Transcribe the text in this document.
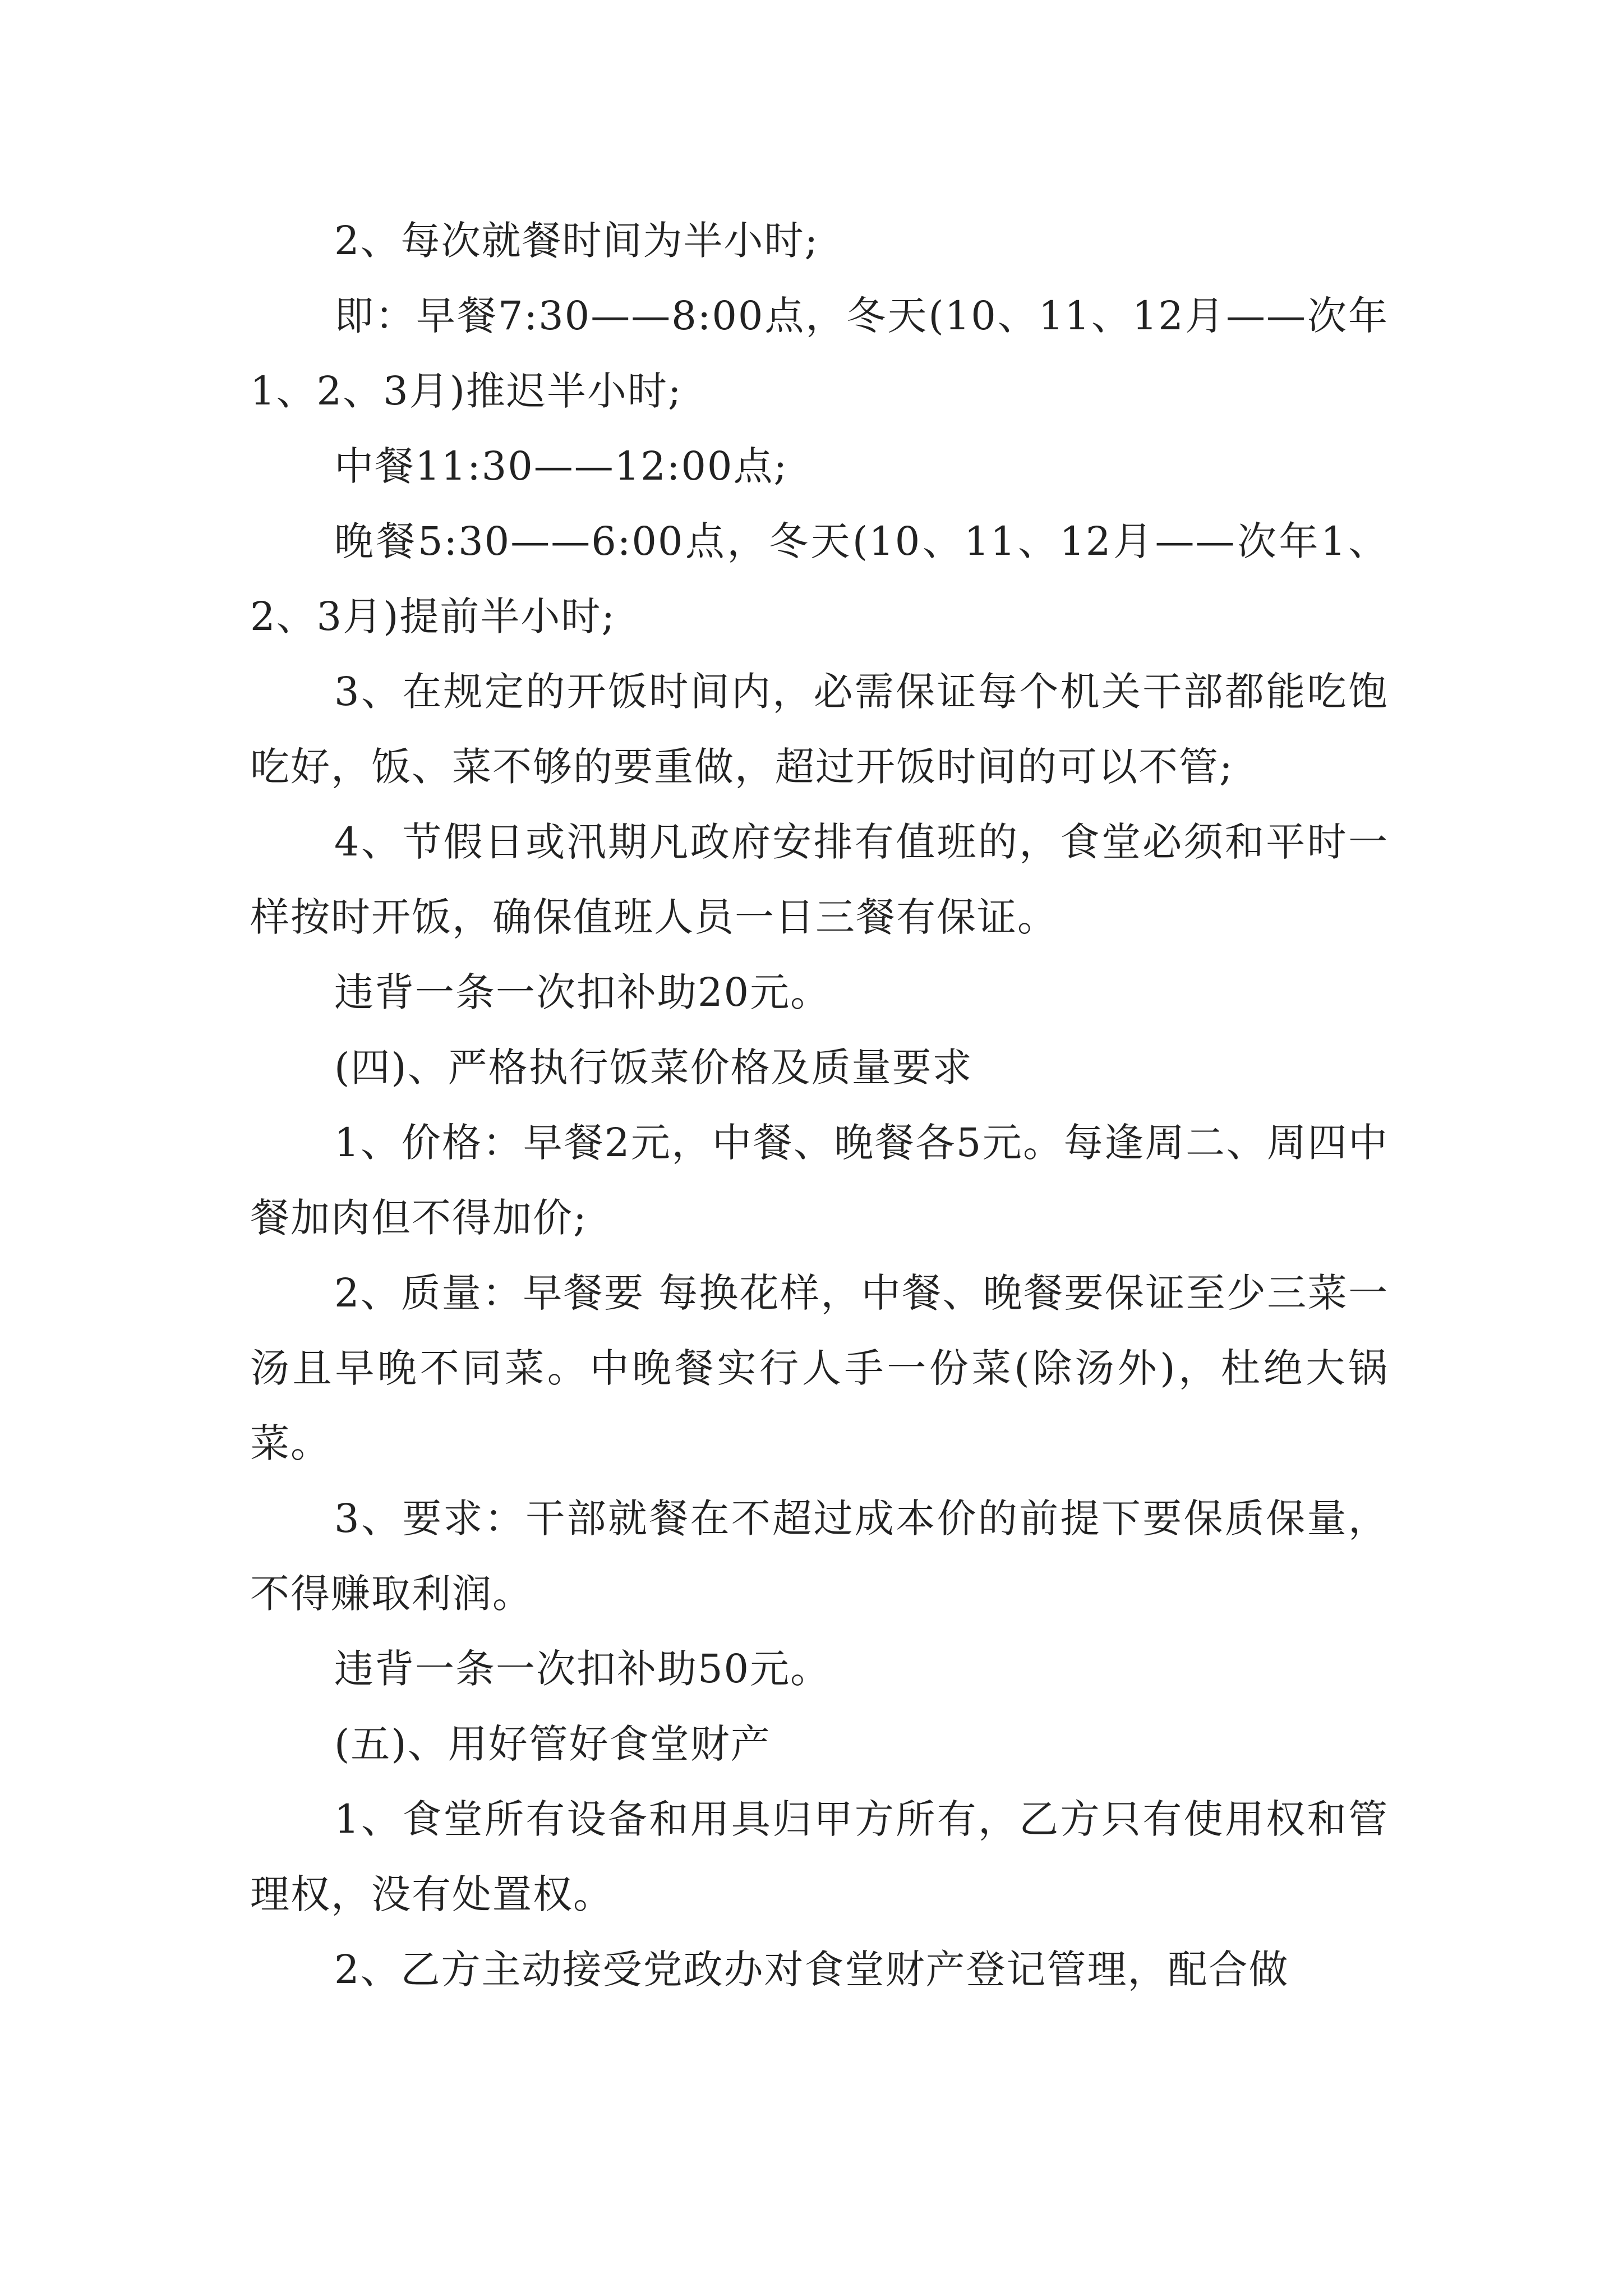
2、每次就餐时间为半小时;

即：早餐7:30——8:00点，冬天(10、11、12月——次年1、2、3月)推迟半小时;

中餐11:30——12:00点;

晚餐5:30——6:00点，冬天(10、11、12月——次年1、2、3月)提前半小时;

3、在规定的开饭时间内，必需保证每个机关干部都能吃饱吃好，饭、菜不够的要重做，超过开饭时间的可以不管;

4、节假日或汛期凡政府安排有值班的，食堂必须和平时一样按时开饭，确保值班人员一日三餐有保证。

违背一条一次扣补助20元。

(四)、严格执行饭菜价格及质量要求

1、价格：早餐2元，中餐、晚餐各5元。每逢周二、周四中餐加肉但不得加价;

2、质量：早餐要 每换花样，中餐、晚餐要保证至少三菜一汤且早晚不同菜。中晚餐实行人手一份菜(除汤外)，杜绝大锅菜。

3、要求：干部就餐在不超过成本价的前提下要保质保量，不得赚取利润。

违背一条一次扣补助50元。

(五)、用好管好食堂财产

1、食堂所有设备和用具归甲方所有，乙方只有使用权和管理权，没有处置权。

2、乙方主动接受党政办对食堂财产登记管理，配合做
